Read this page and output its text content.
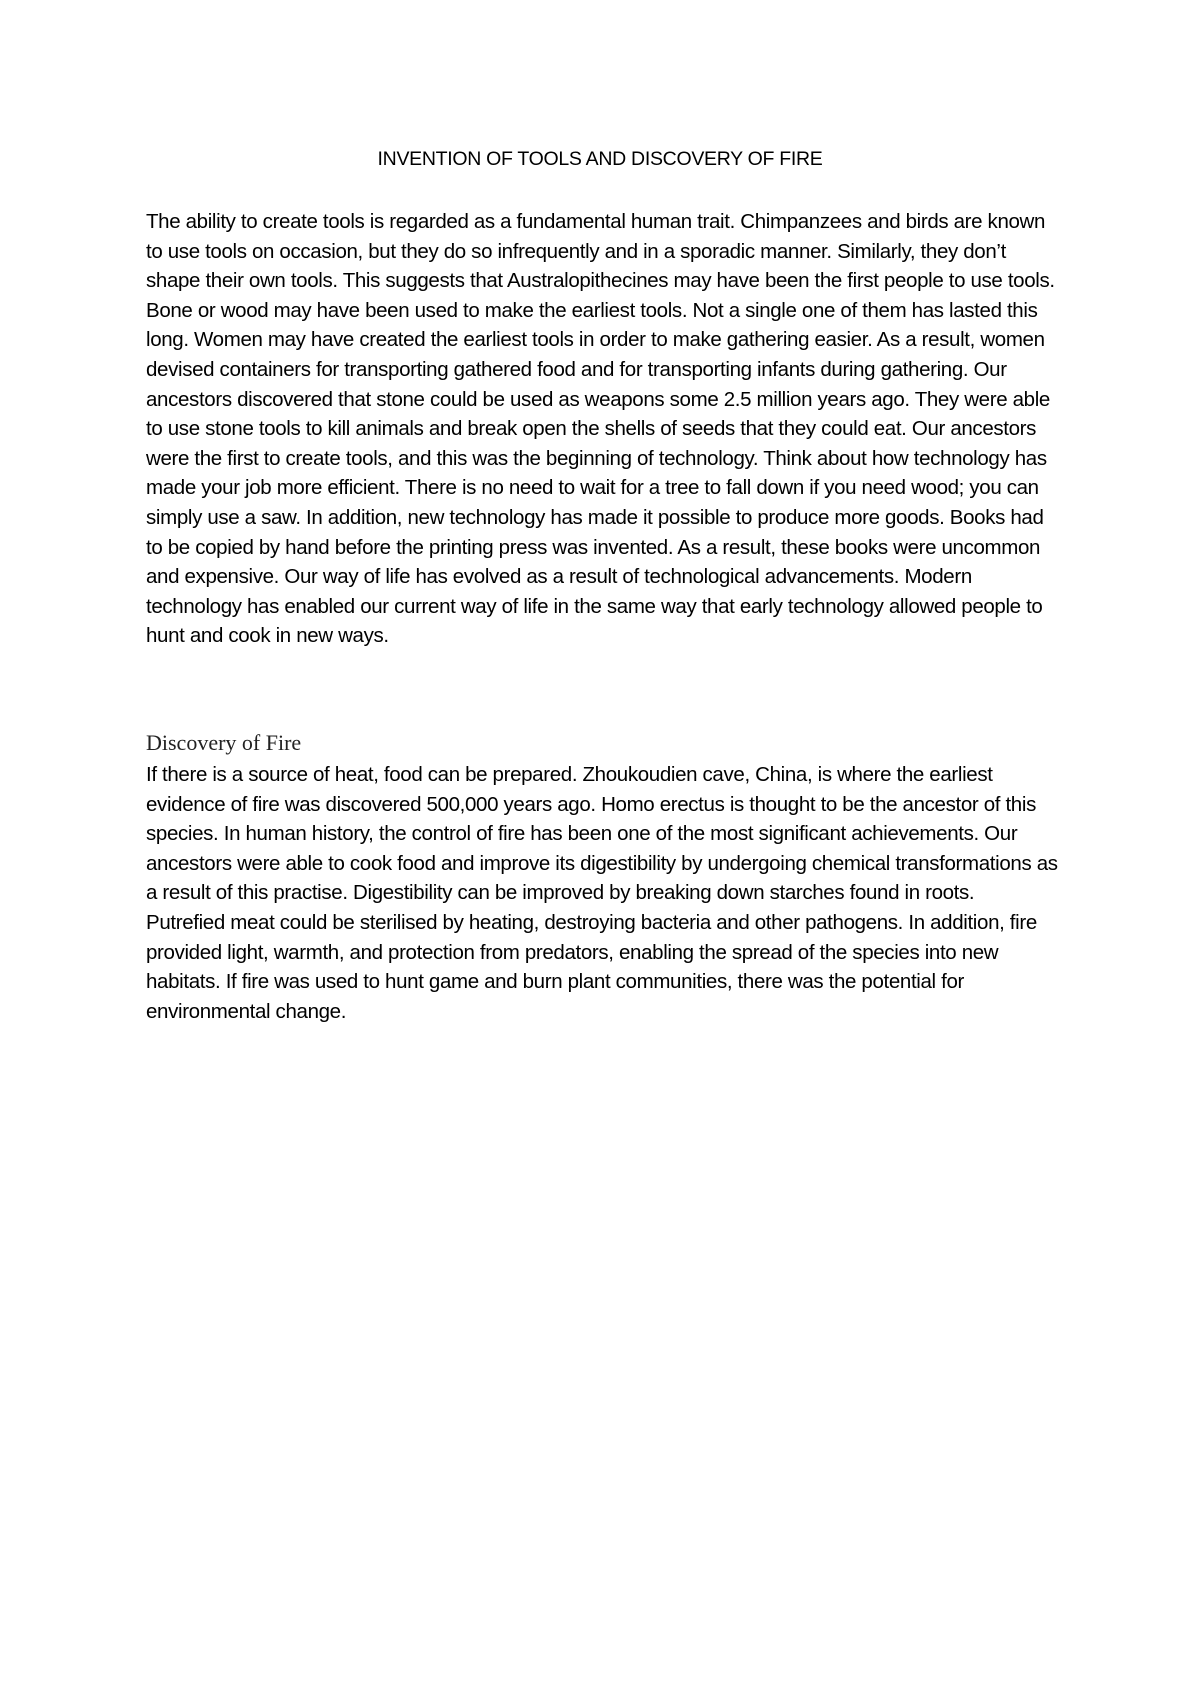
INVENTION OF TOOLS AND DISCOVERY OF FIRE

The ability to create tools is regarded as a fundamental human trait. Chimpanzees and birds are known to use tools on occasion, but they do so infrequently and in a sporadic manner. Similarly, they don’t shape their own tools. This suggests that Australopithecines may have been the first people to use tools. Bone or wood may have been used to make the earliest tools. Not a single one of them has lasted this long. Women may have created the earliest tools in order to make gathering easier. As a result, women devised containers for transporting gathered food and for transporting infants during gathering. Our ancestors discovered that stone could be used as weapons some 2.5 million years ago. They were able to use stone tools to kill animals and break open the shells of seeds that they could eat. Our ancestors were the first to create tools, and this was the beginning of technology. Think about how technology has made your job more efficient. There is no need to wait for a tree to fall down if you need wood; you can simply use a saw. In addition, new technology has made it possible to produce more goods. Books had to be copied by hand before the printing press was invented. As a result, these books were uncommon and expensive. Our way of life has evolved as a result of technological advancements. Modern technology has enabled our current way of life in the same way that early technology allowed people to hunt and cook in new ways.

Discovery of Fire

If there is a source of heat, food can be prepared. Zhoukoudien cave, China, is where the earliest evidence of fire was discovered 500,000 years ago. Homo erectus is thought to be the ancestor of this species. In human history, the control of fire has been one of the most significant achievements. Our ancestors were able to cook food and improve its digestibility by undergoing chemical transformations as a result of this practise. Digestibility can be improved by breaking down starches found in roots. Putrefied meat could be sterilised by heating, destroying bacteria and other pathogens. In addition, fire provided light, warmth, and protection from predators, enabling the spread of the species into new habitats. If fire was used to hunt game and burn plant communities, there was the potential for environmental change.
